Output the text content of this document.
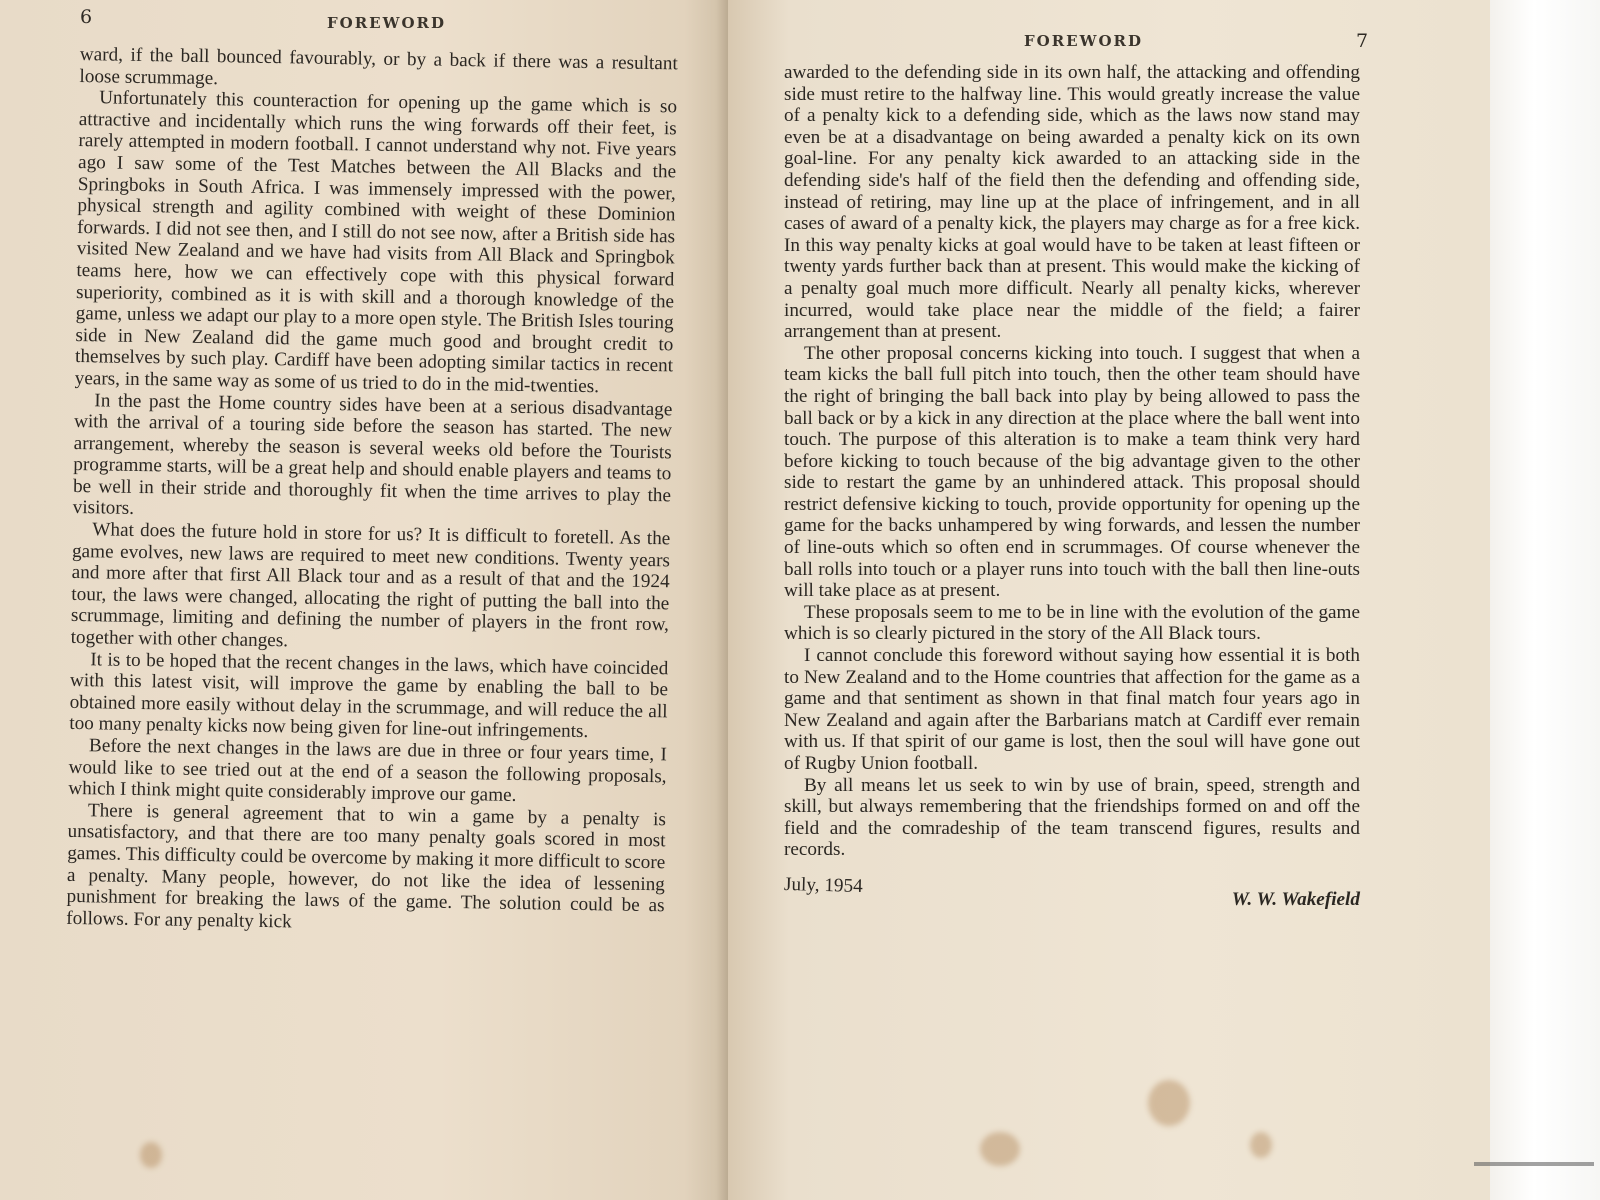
6	FOREWORD

ward, if the ball bounced favourably, or by a back if there was a resultant loose scrummage.

Unfortunately this counteraction for opening up the game which is so attractive and incidentally which runs the wing forwards off their feet, is rarely attempted in modern football. I cannot understand why not. Five years ago I saw some of the Test Matches between the All Blacks and the Springboks in South Africa. I was immensely impressed with the power, physical strength and agility combined with weight of these Dominion forwards. I did not see then, and I still do not see now, after a British side has visited New Zealand and we have had visits from All Black and Springbok teams here, how we can effectively cope with this physical forward superiority, combined as it is with skill and a thorough knowledge of the game, unless we adapt our play to a more open style. The British Isles touring side in New Zealand did the game much good and brought credit to themselves by such play. Cardiff have been adopting similar tactics in recent years, in the same way as some of us tried to do in the mid-twenties.

In the past the Home country sides have been at a serious disadvantage with the arrival of a touring side before the season has started. The new arrangement, whereby the season is several weeks old before the Tourists programme starts, will be a great help and should enable players and teams to be well in their stride and thoroughly fit when the time arrives to play the visitors.

What does the future hold in store for us? It is difficult to foretell. As the game evolves, new laws are required to meet new conditions. Twenty years and more after that first All Black tour and as a result of that and the 1924 tour, the laws were changed, allocating the right of putting the ball into the scrummage, limiting and defining the number of players in the front row, together with other changes.

It is to be hoped that the recent changes in the laws, which have coincided with this latest visit, will improve the game by enabling the ball to be obtained more easily without delay in the scrummage, and will reduce the all too many penalty kicks now being given for line-out infringements.

Before the next changes in the laws are due in three or four years time, I would like to see tried out at the end of a season the following proposals, which I think might quite considerably improve our game.

There is general agreement that to win a game by a penalty is unsatisfactory, and that there are too many penalty goals scored in most games. This difficulty could be overcome by making it more difficult to score a penalty. Many people, however, do not like the idea of lessening punishment for breaking the laws of the game. The solution could be as follows. For any penalty kick

FOREWORD	7

awarded to the defending side in its own half, the attacking and offending side must retire to the halfway line. This would greatly increase the value of a penalty kick to a defending side, which as the laws now stand may even be at a disadvantage on being awarded a penalty kick on its own goal-line. For any penalty kick awarded to an attacking side in the defending side's half of the field then the defending and offending side, instead of retiring, may line up at the place of infringement, and in all cases of award of a penalty kick, the players may charge as for a free kick. In this way penalty kicks at goal would have to be taken at least fifteen or twenty yards further back than at present. This would make the kicking of a penalty goal much more difficult. Nearly all penalty kicks, wherever incurred, would take place near the middle of the field; a fairer arrangement than at present.

The other proposal concerns kicking into touch. I suggest that when a team kicks the ball full pitch into touch, then the other team should have the right of bringing the ball back into play by being allowed to pass the ball back or by a kick in any direction at the place where the ball went into touch. The purpose of this alteration is to make a team think very hard before kicking to touch because of the big advantage given to the other side to restart the game by an unhindered attack. This proposal should restrict defensive kicking to touch, provide opportunity for opening up the game for the backs unhampered by wing forwards, and lessen the number of line-outs which so often end in scrummages. Of course whenever the ball rolls into touch or a player runs into touch with the ball then line-outs will take place as at present.

These proposals seem to me to be in line with the evolution of the game which is so clearly pictured in the story of the All Black tours.

I cannot conclude this foreword without saying how essential it is both to New Zealand and to the Home countries that affection for the game as a game and that sentiment as shown in that final match four years ago in New Zealand and again after the Barbarians match at Cardiff ever remain with us. If that spirit of our game is lost, then the soul will have gone out of Rugby Union football.

By all means let us seek to win by use of brain, speed, strength and skill, but always remembering that the friendships formed on and off the field and the comradeship of the team transcend figures, results and records.

July, 1954
W. W. Wakefield
